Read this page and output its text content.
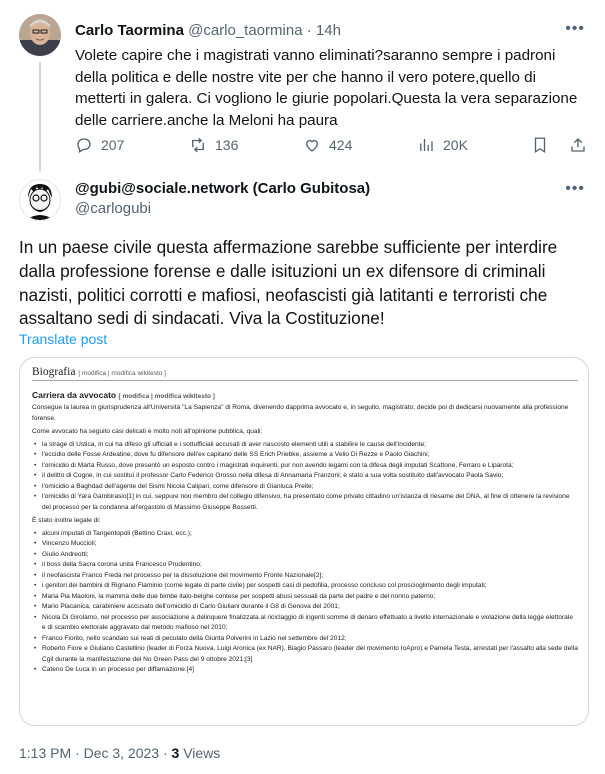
Carlo Taormina @carlo_taormina · 14h	•••
Volete capire che i magistrati vanno eliminati?saranno sempre i padroni della politica e delle nostre vite per che hanno il vero potere,quello di metterti in galera. Ci vogliono le giurie popolari.Questa la vera separazione delle carriere.anche la Meloni ha paura
207	136	424	20K
@gubi@sociale.network (Carlo Gubitosa)
@carlogubi
•••
In un paese civile questa affermazione sarebbe sufficiente per interdire dalla professione forense e dalle isituzioni un ex difensore di criminali nazisti, politici corrotti e mafiosi, neofascisti già latitanti e terroristi che assaltano sedi di sindacati. Viva la Costituzione!
Translate post
Biografia [ modifica | modifica wikitesto ]
Carriera da avvocato [ modifica | modifica wikitesto ]

Consegue la laurea in giurisprudenza all'Università "La Sapienza" di Roma, divenendo dapprima avvocato e, in seguito, magistrato; decide poi di dedicarsi nuovamente alla professione forense.

Come avvocato ha seguito casi delicati e molto noti all'opinione pubblica, quali:

• la strage di Ustica, in cui ha difeso gli ufficiali e i sottufficiali accusati di aver nascosto elementi utili a stabilire le cause dell'incidente;
• l'eccidio delle Fosse Ardeatine, dove fu difensore dell'ex capitano delle SS Erich Priebke, assieme a Velio Di Rezze e Paolo Giachini;
• l'omicidio di Marta Russo, dove presentò un esposto contro i magistrati inquirenti, pur non avendo legami con la difesa degli imputati Scattone, Ferraro e Liparota;
• il delitto di Cogne, in cui sostituì il professor Carlo Federico Grosso nella difesa di Annamaria Franzoni; è stato a sua volta sostituito dall'avvocato Paola Savio;
• l'omicidio a Baghdad dell'agente del Sismi Nicola Calipari, come difensore di Gianluca Preite;
• l'omicidio di Yara Gambirasio[1] in cui, seppure non membro del collegio difensivo, ha presentato come privato cittadino un'istanza di riesame del DNA, al fine di ottenere la revisione del processo per la condanna all'ergastolo di Massimo Giuseppe Bossetti.

È stato inoltre legale di:

• alcuni imputati di Tangentopoli (Bettino Craxi, ecc.);
• Vincenzo Muccioli;
• Giulio Andreotti;
• il boss della Sacra corona unita Francesco Prudentino;
• il neofascista Franco Freda nel processo per la dissoluzione del movimento Fronte Nazionale[2];
• i genitori dei bambini di Rignano Flaminio (come legale di parte civile) per sospetti casi di pedofilia, processo concluso col proscioglimento degli imputati;
• Maria Pia Maoloni, la mamma delle due bimbe italo-belghe contese per sospetti abusi sessuali da parte del padre e del nonno paterno;
• Mario Placanica, carabiniere accusato dell'omicidio di Carlo Giuliani durante il G8 di Genova del 2001;
• Nicola Di Girolamo, nel processo per associazione a delinquere finalizzata al riciclaggio di ingenti somme di denaro effettuato a livello internazionale e violazione della legge elettorale e di scambio elettorale aggravato dal metodo mafioso nel 2010;
• Franco Fiorito, nello scandalo sui reati di peculato della Giunta Polverini in Lazio nel settembre del 2012;
• Roberto Fiore e Giuliano Castellino (leader di Forza Nuova, Luigi Aronica (ex NAR), Biagio Passaro (leader del movimento IoApro) e Pamela Testa, arrestati per l'assalto alla sede della Cgil durante la manifestazione dei No Green Pass del 9 ottobre 2021;[3]
• Cateno De Luca in un processo per diffamazione.[4]
1:13 PM · Dec 3, 2023 · 3 Views
